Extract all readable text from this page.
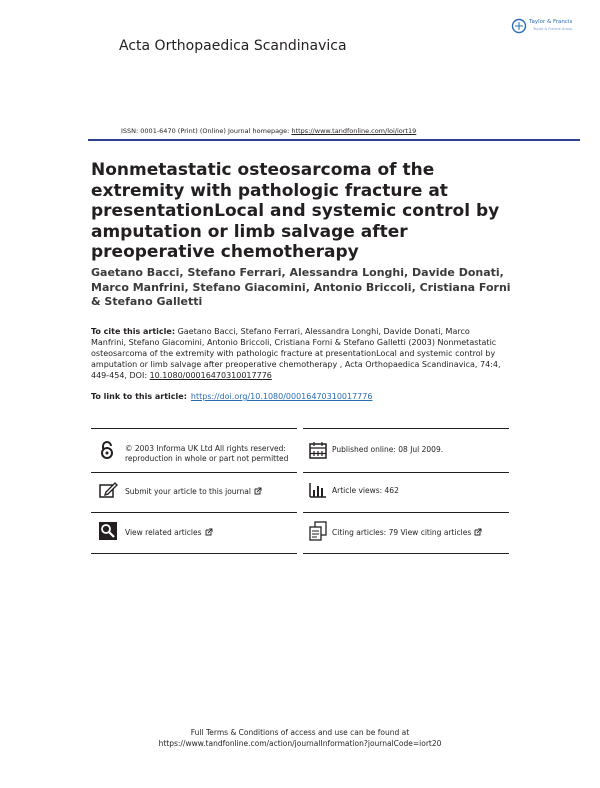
Acta Orthopaedica Scandinavica
Taylor & Francis
Taylor & Francis Group
ISSN: 0001-6470 (Print) (Online) Journal homepage: https://www.tandfonline.com/loi/iort19
Nonmetastatic osteosarcoma of the extremity with pathologic fracture at presentationLocal and systemic control by amputation or limb salvage after preoperative chemotherapy

Gaetano Bacci, Stefano Ferrari, Alessandra Longhi, Davide Donati, Marco Manfrini, Stefano Giacomini, Antonio Briccoli, Cristiana Forni & Stefano Galletti

To cite this article: Gaetano Bacci, Stefano Ferrari, Alessandra Longhi, Davide Donati, Marco Manfrini, Stefano Giacomini, Antonio Briccoli, Cristiana Forni & Stefano Galletti (2003) Nonmetastatic osteosarcoma of the extremity with pathologic fracture at presentationLocal and systemic control by amputation or limb salvage after preoperative chemotherapy , Acta Orthopaedica Scandinavica, 74:4, 449-454, DOI: 10.1080/00016470310017776

To link to this article: https://doi.org/10.1080/00016470310017776
© 2003 Informa UK Ltd All rights reserved:
reproduction in whole or part not permitted
Published online: 08 Jul 2009.
Submit your article to this journal	Article views: 462
View related articles	Citing articles: 79 View citing articles
Full Terms & Conditions of access and use can be found at
https://www.tandfonline.com/action/journalInformation?journalCode=iort20
